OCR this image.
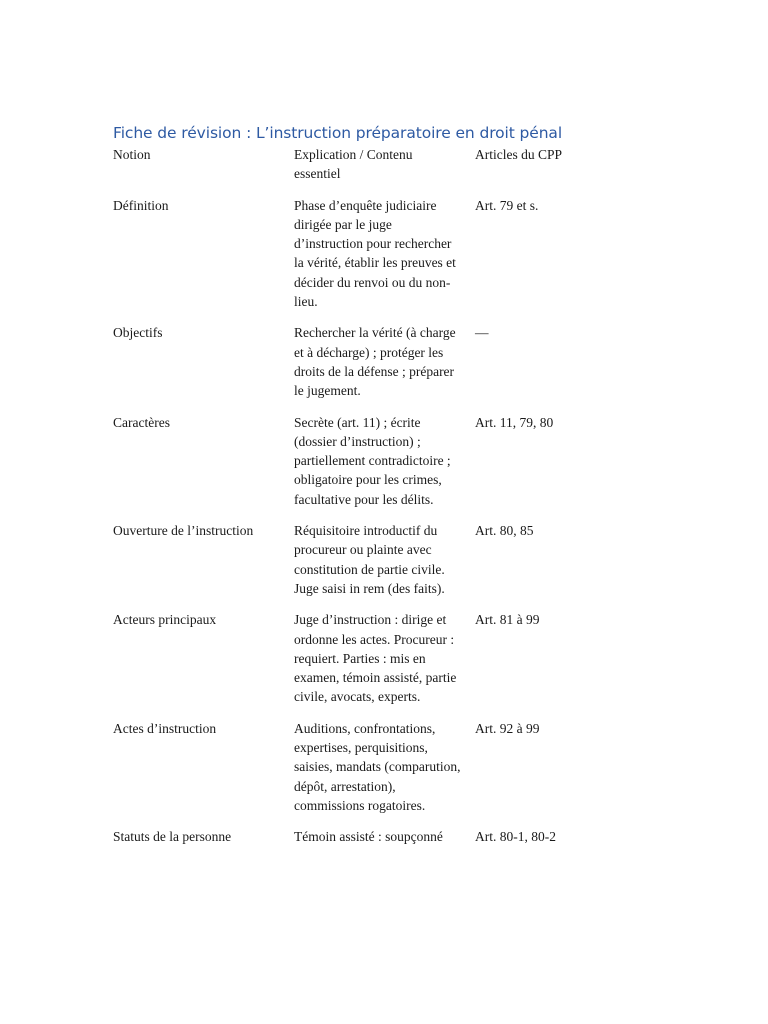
Fiche de révision : L’instruction préparatoire en droit pénal
Notion	Explication / Contenu essentiel	Articles du CPP
Définition	Phase d’enquête judiciaire dirigée par le juge d’instruction pour rechercher la vérité, établir les preuves et décider du renvoi ou du non-lieu.	Art. 79 et s.
Objectifs	Rechercher la vérité (à charge et à décharge) ; protéger les droits de la défense ; préparer le jugement.	—
Caractères	Secrète (art. 11) ; écrite (dossier d’instruction) ; partiellement contradictoire ; obligatoire pour les crimes, facultative pour les délits.	Art. 11, 79, 80
Ouverture de l’instruction	Réquisitoire introductif du procureur ou plainte avec constitution de partie civile. Juge saisi in rem (des faits).	Art. 80, 85
Acteurs principaux	Juge d’instruction : dirige et ordonne les actes. Procureur : requiert. Parties : mis en examen, témoin assisté, partie civile, avocats, experts.	Art. 81 à 99
Actes d’instruction	Auditions, confrontations, expertises, perquisitions, saisies, mandats (comparution, dépôt, arrestation), commissions rogatoires.	Art. 92 à 99
Statuts de la personne	Témoin assisté : soupçonné	Art. 80-1, 80-2
